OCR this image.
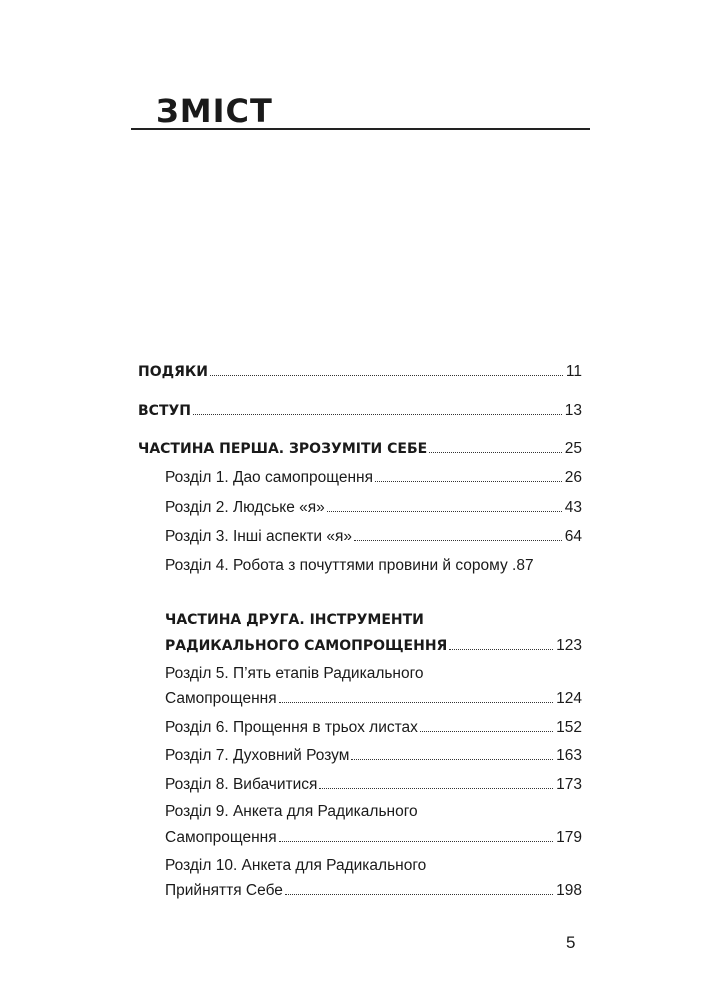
ЗМІСТ
ПОДЯКИ	11
ВСТУП	13
ЧАСТИНА ПЕРША. ЗРОЗУМІТИ СЕБЕ	25
Розділ 1. Дао самопрощення	26
Розділ 2. Людське «я»	43
Розділ 3. Інші аспекти «я»	64
Розділ 4. Робота з почуттями провини й сорому .87
ЧАСТИНА ДРУГА. ІНСТРУМЕНТИ
РАДИКАЛЬНОГО САМОПРОЩЕННЯ	123
Розділ 5. П’ять етапів Радикального
Самопрощення	124
Розділ 6. Прощення в трьох листах	152
Розділ 7. Духовний Розум	163
Розділ 8. Вибачитися	173
Розділ 9. Анкета для Радикального
Самопрощення	179
Розділ 10. Анкета для Радикального
Прийняття Себе	198
5
